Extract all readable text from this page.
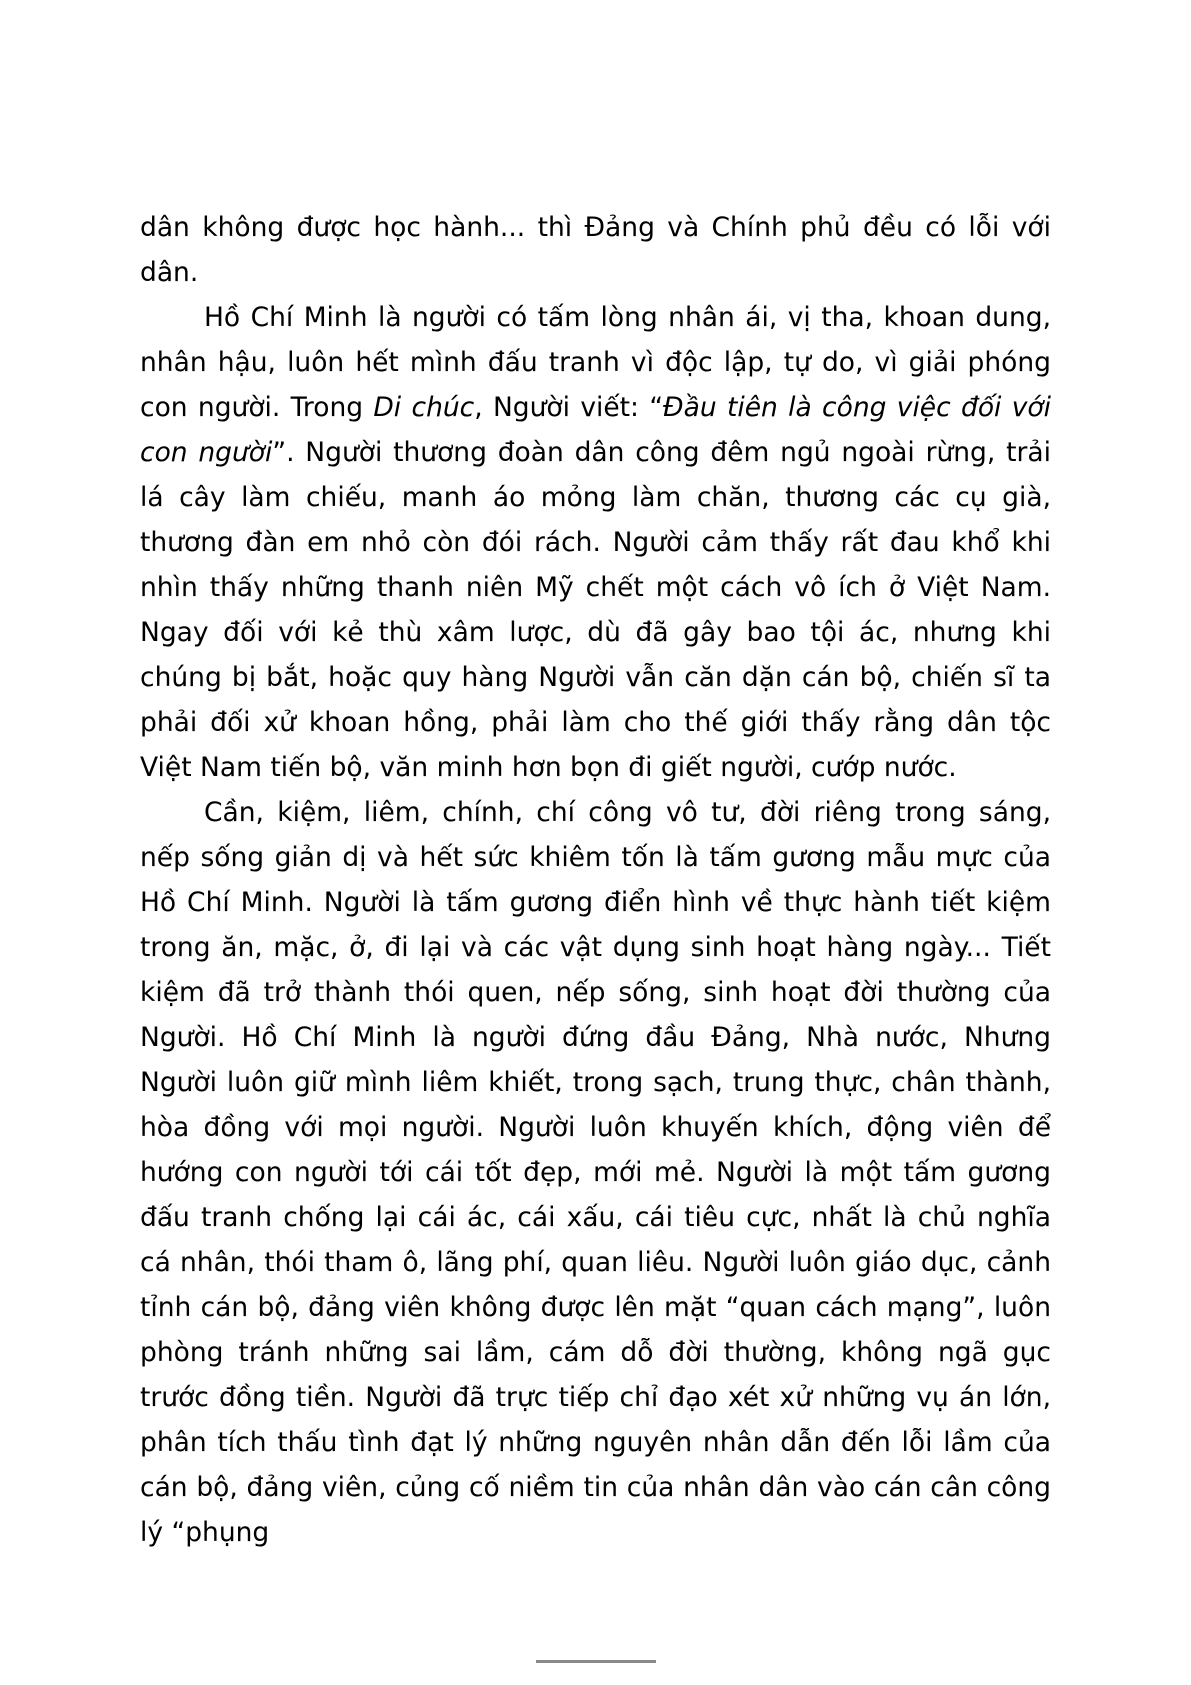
dân không được học hành... thì Đảng và Chính phủ đều có lỗi với dân.

Hồ Chí Minh là người có tấm lòng nhân ái, vị tha, khoan dung, nhân hậu, luôn hết mình đấu tranh vì độc lập, tự do, vì giải phóng con người. Trong Di chúc, Người viết: “Đầu tiên là công việc đối với con người”. Người thương đoàn dân công đêm ngủ ngoài rừng, trải lá cây làm chiếu, manh áo mỏng làm chăn, thương các cụ già, thương đàn em nhỏ còn đói rách. Người cảm thấy rất đau khổ khi nhìn thấy những thanh niên Mỹ chết một cách vô ích ở Việt Nam. Ngay đối với kẻ thù xâm lược, dù đã gây bao tội ác, nhưng khi chúng bị bắt, hoặc quy hàng Người vẫn căn dặn cán bộ, chiến sĩ ta phải đối xử khoan hồng, phải làm cho thế giới thấy rằng dân tộc Việt Nam tiến bộ, văn minh hơn bọn đi giết người, cướp nước.

Cần, kiệm, liêm, chính, chí công vô tư, đời riêng trong sáng, nếp sống giản dị và hết sức khiêm tốn là tấm gương mẫu mực của Hồ Chí Minh. Người là tấm gương điển hình về thực hành tiết kiệm trong ăn, mặc, ở, đi lại và các vật dụng sinh hoạt hàng ngày... Tiết kiệm đã trở thành thói quen, nếp sống, sinh hoạt đời thường của Người. Hồ Chí Minh là người đứng đầu Đảng, Nhà nước, Nhưng Người luôn giữ mình liêm khiết, trong sạch, trung thực, chân thành, hòa đồng với mọi người. Người luôn khuyến khích, động viên để hướng con người tới cái tốt đẹp, mới mẻ. Người là một tấm gương đấu tranh chống lại cái ác, cái xấu, cái tiêu cực, nhất là chủ nghĩa cá nhân, thói tham ô, lãng phí, quan liêu. Người luôn giáo dục, cảnh tỉnh cán bộ, đảng viên không được lên mặt “quan cách mạng”, luôn phòng tránh những sai lầm, cám dỗ đời thường, không ngã gục trước đồng tiền. Người đã trực tiếp chỉ đạo xét xử những vụ án lớn, phân tích thấu tình đạt lý những nguyên nhân dẫn đến lỗi lầm của cán bộ, đảng viên, củng cố niềm tin của nhân dân vào cán cân công lý “phụng
